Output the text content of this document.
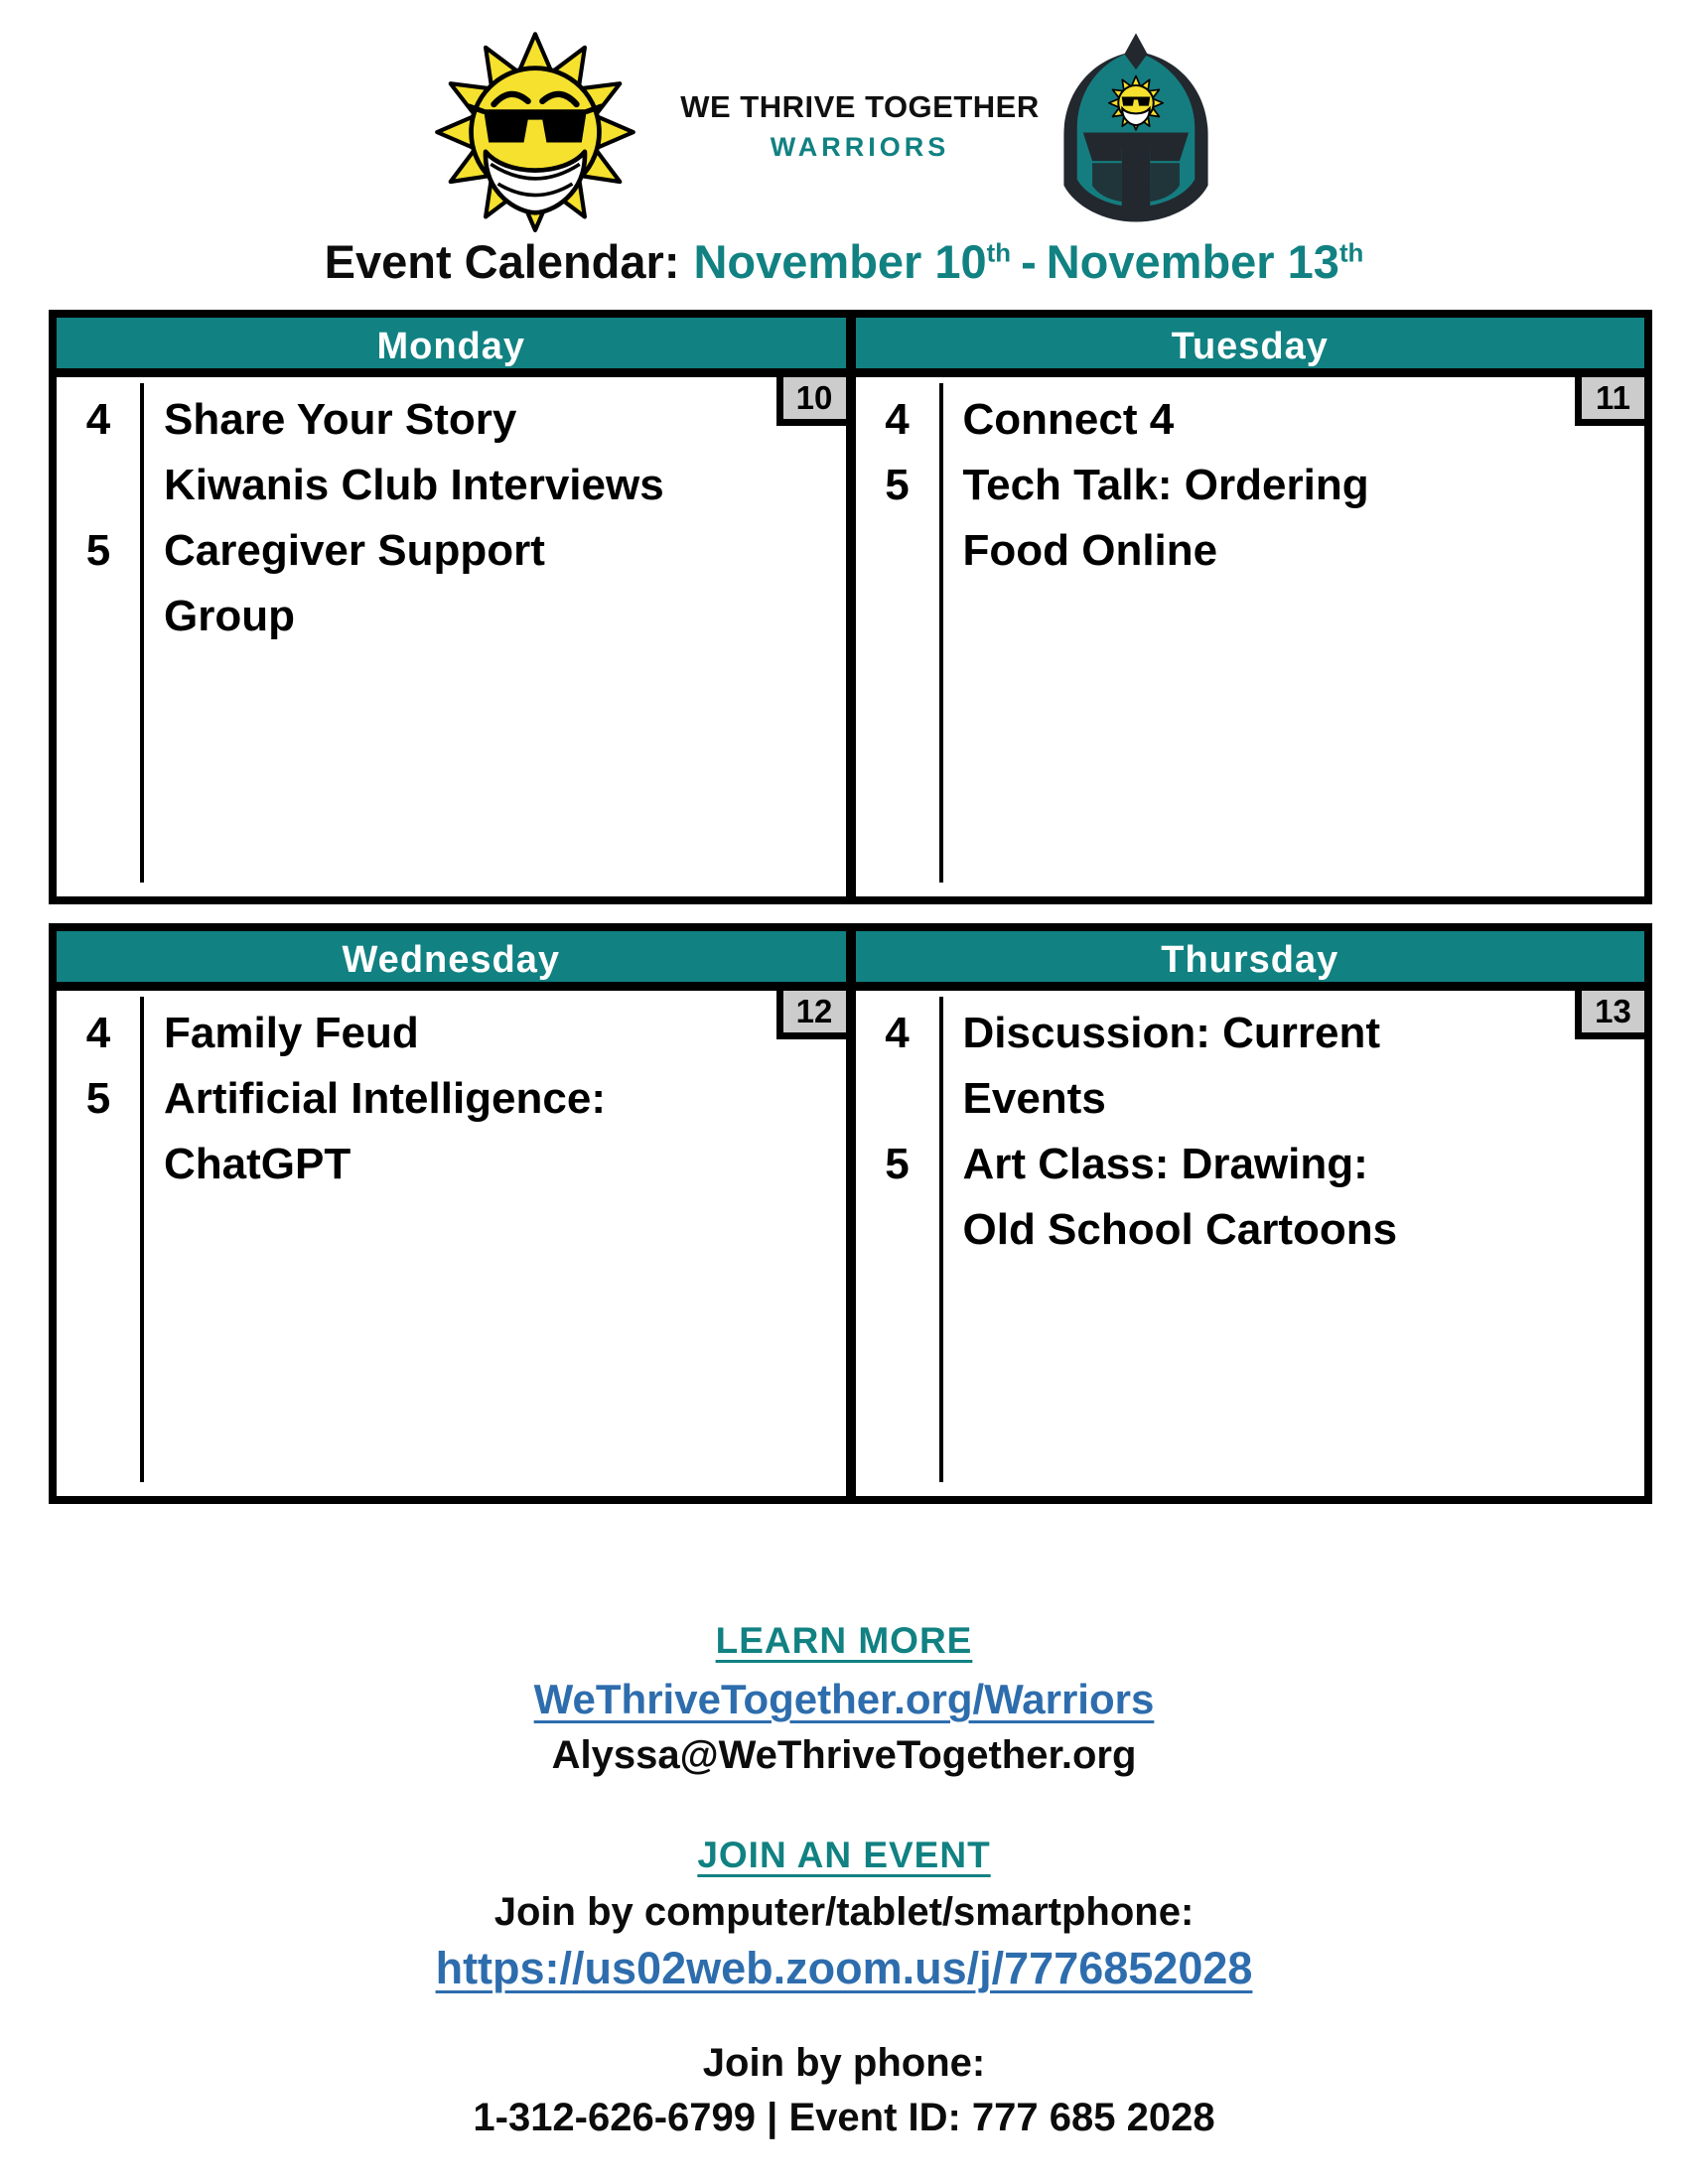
WE THRIVE TOGETHER
WARRIORS
Event Calendar: November 10th - November 13th
Monday
4	Share Your Story
Kiwanis Club Interviews
5	Caregiver Support
Group
10
Tuesday
4	Connect 4
5	Tech Talk: Ordering
Food Online
11
Wednesday
4	Family Feud
5	Artificial Intelligence:
ChatGPT
12
Thursday
4	Discussion: Current
Events
5	Art Class: Drawing:
Old School Cartoons
13
LEARN MORE
WeThriveTogether.org/Warriors
Alyssa@WeThriveTogether.org
JOIN AN EVENT
Join by computer/tablet/smartphone:
https://us02web.zoom.us/j/7776852028
Join by phone:
1-312-626-6799 | Event ID: 777 685 2028
